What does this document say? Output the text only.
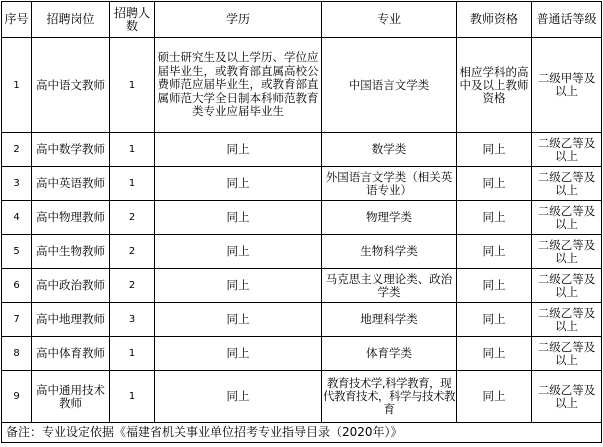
序号	招聘岗位	招聘人数	学历	专业	教师资格	普通话等级
1	高中语文教师	1	硕士研究生及以上学历、学位应届毕业生，或教育部直属高校公费师范应届毕业生，或教育部直属师范大学全日制本科师范教育类专业应届毕业生	中国语言文学类	相应学科的高中及以上教师资格	二级甲等及以上
2	高中数学教师	1	同上	数学类	同上	二级乙等及以上
3	高中英语教师	1	同上	外国语言文学类（相关英语专业）	同上	二级乙等及以上
4	高中物理教师	2	同上	物理学类	同上	二级乙等及以上
5	高中生物教师	2	同上	生物科学类	同上	二级乙等及以上
6	高中政治教师	2	同上	马克思主义理论类、政治学类	同上	二级乙等及以上
7	高中地理教师	3	同上	地理科学类	同上	二级乙等及以上
8	高中体育教师	1	同上	体育学类	同上	二级乙等及以上
9	高中通用技术教师	1	同上	教育技术学,科学教育，现代教育技术，科学与技术教育	同上	二级乙等及以上
备注：专业设定依据《福建省机关事业单位招考专业指导目录（2020年）》						
